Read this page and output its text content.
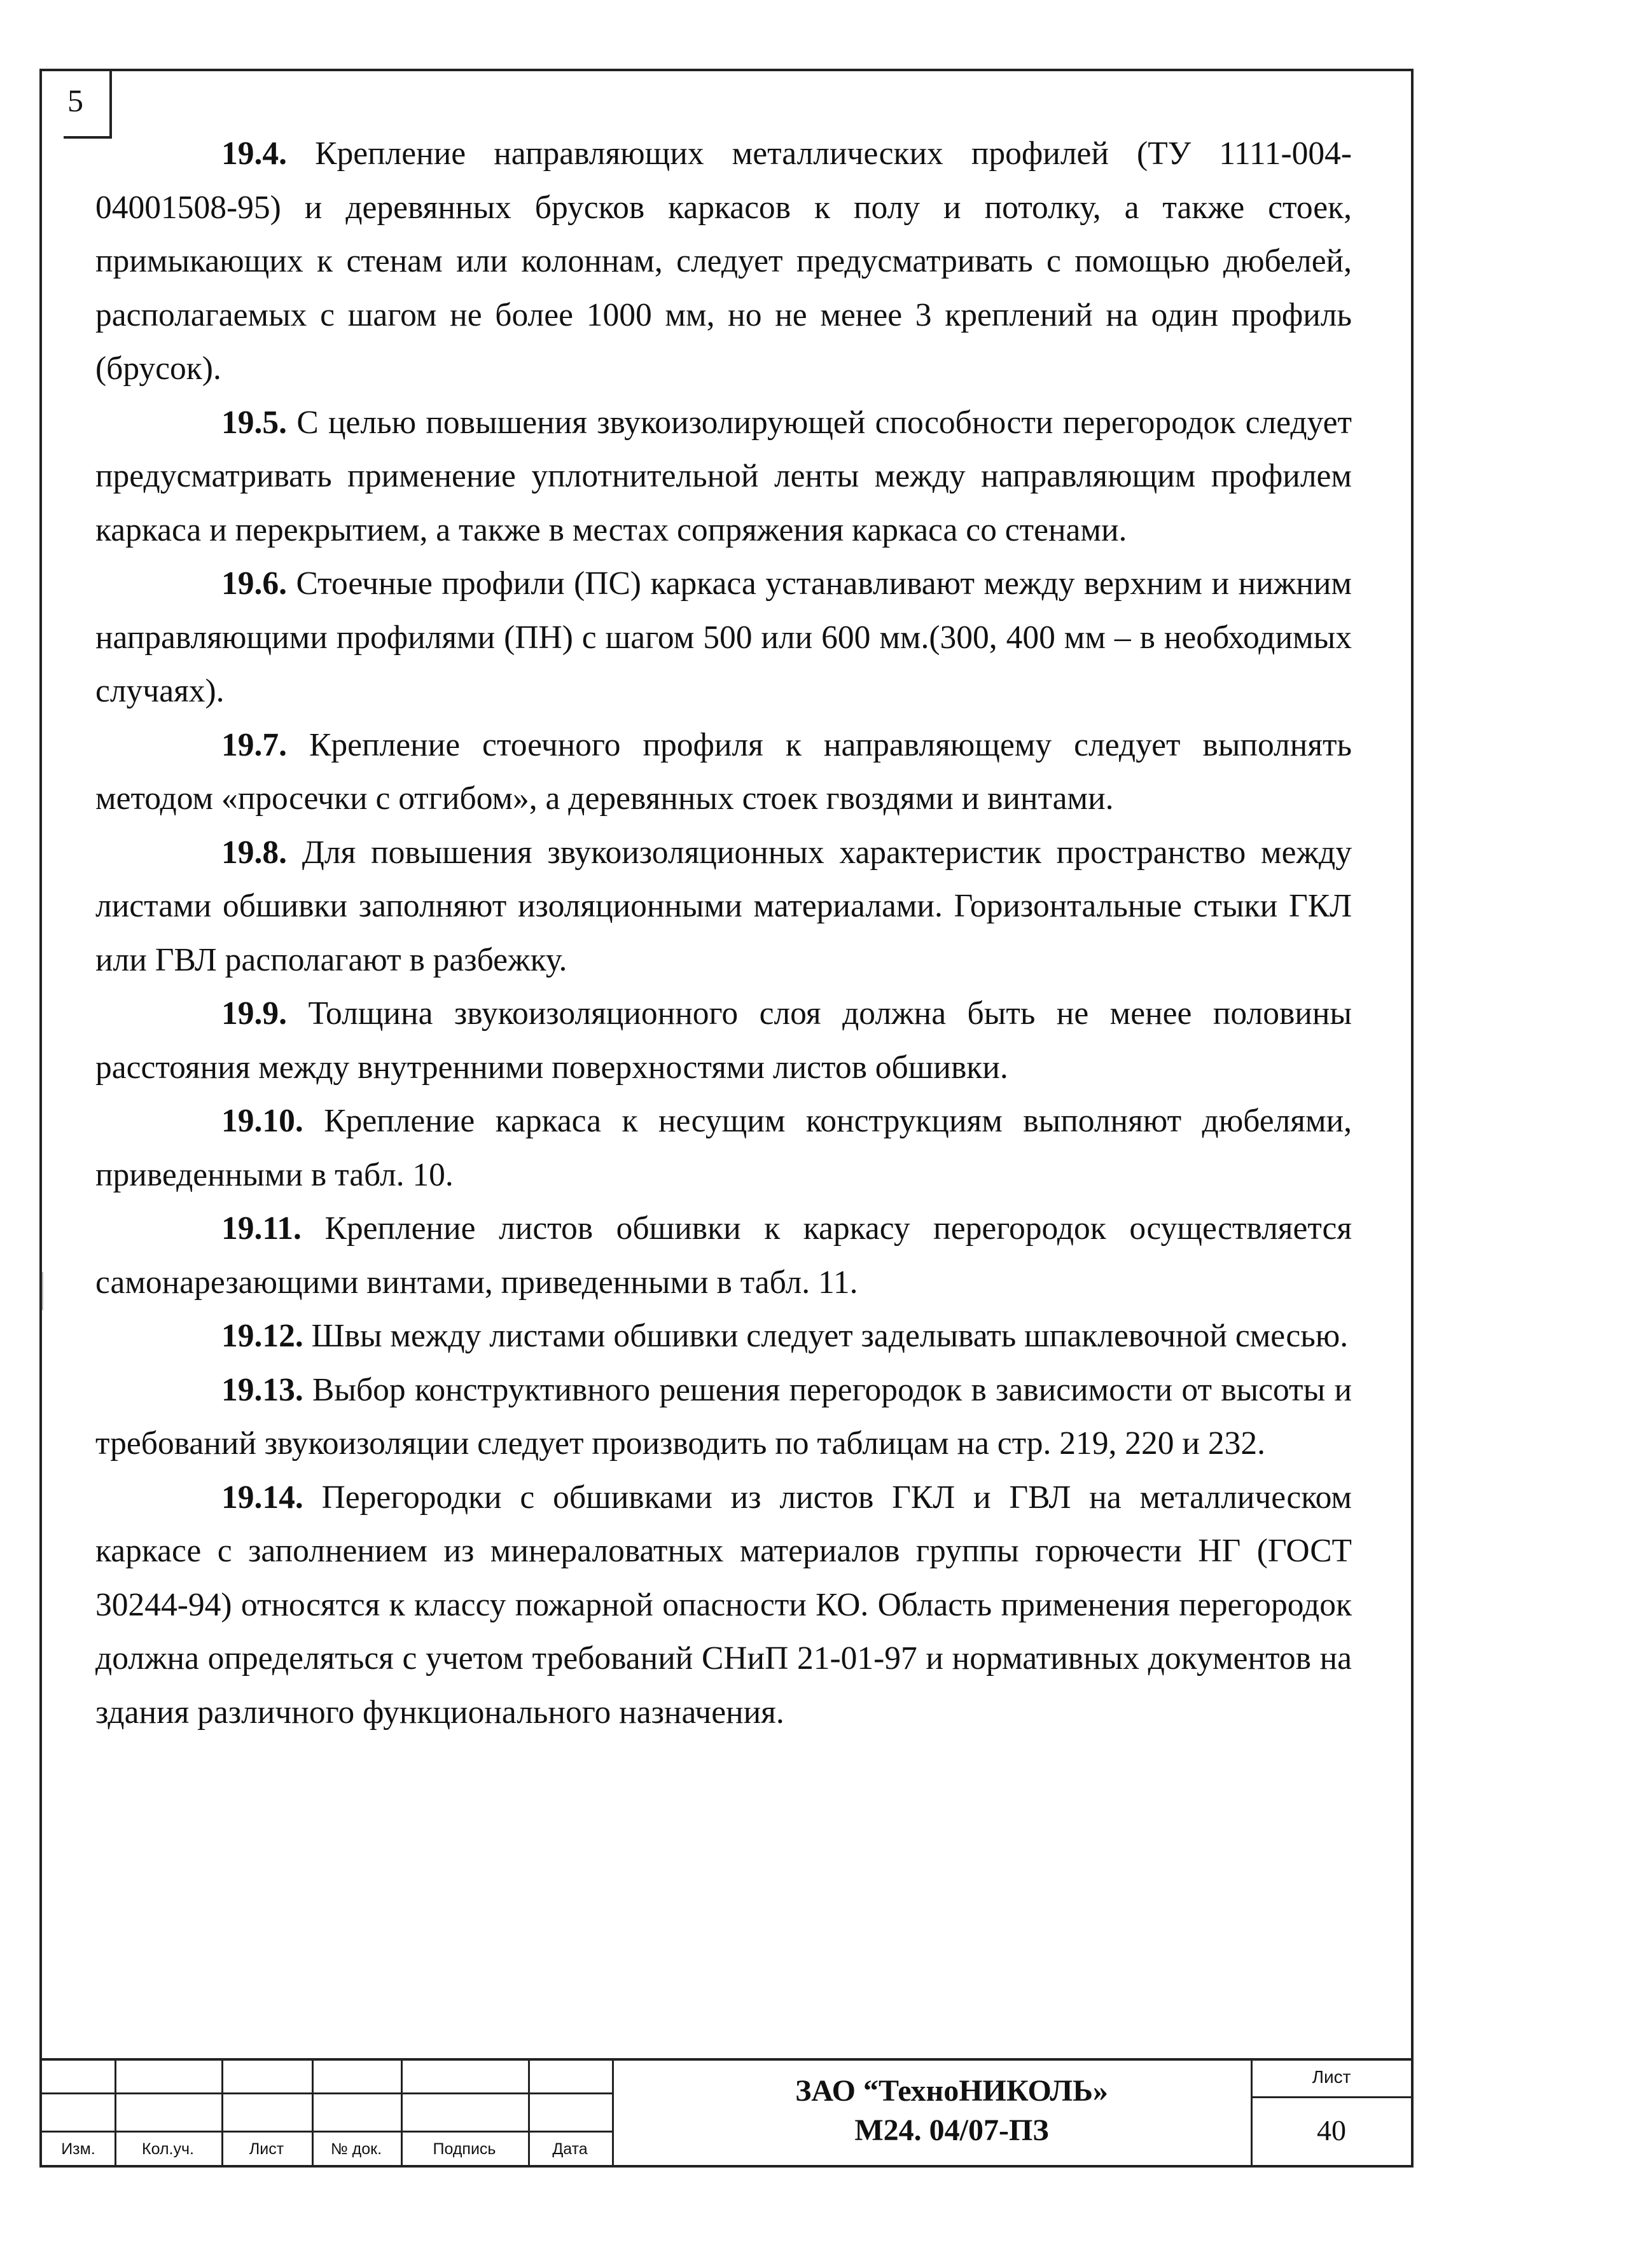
5

19.4. Крепление направляющих металлических профилей (ТУ 1111-004-04001508-95) и деревянных брусков каркасов к полу и потолку, а также стоек, примыкающих к стенам или колоннам, следует предусматривать с помощью дюбелей, располагаемых с шагом не более 1000 мм, но не менее 3 креплений на один профиль (брусок).

19.5. С целью повышения звукоизолирующей способности перегородок следует предусматривать применение уплотнительной ленты между направляющим профилем каркаса и перекрытием, а также в местах сопряжения каркаса со стенами.

19.6. Стоечные профили (ПС) каркаса устанавливают между верхним и нижним направляющими профилями (ПН) с шагом 500 или 600 мм.(300, 400 мм – в необходимых случаях).

19.7. Крепление стоечного профиля к направляющему следует выполнять методом «просечки с отгибом», а деревянных стоек гвоздями и винтами.

19.8. Для повышения звукоизоляционных характеристик пространство между листами обшивки заполняют изоляционными материалами. Горизонтальные стыки ГКЛ или ГВЛ располагают в разбежку.

19.9. Толщина звукоизоляционного слоя должна быть не менее половины расстояния между внутренними поверхностями листов обшивки.

19.10. Крепление каркаса к несущим конструкциям выполняют дюбелями, приведенными в табл. 10.

19.11. Крепление листов обшивки к каркасу перегородок осуществляется самонарезающими винтами, приведенными в табл. 11.

19.12. Швы между листами обшивки следует заделывать шпаклевочной смесью.

19.13. Выбор конструктивного решения перегородок в зависимости от высоты и требований звукоизоляции следует производить по таблицам на стр. 219, 220 и 232.

19.14. Перегородки с обшивками из листов ГКЛ и ГВЛ на металлическом каркасе с заполнением из минераловатных материалов группы горючести НГ (ГОСТ 30244-94) относятся к классу пожарной опасности КО. Область применения перегородок должна определяться с учетом требований СНиП 21-01-97 и нормативных документов на здания различного функционального назначения.

Изм.	Кол.уч.	Лист	№ док.	Подпись	Дата
ЗАО “ТехноНИКОЛЬ»
М24. 04/07-ПЗ
Лист
40
